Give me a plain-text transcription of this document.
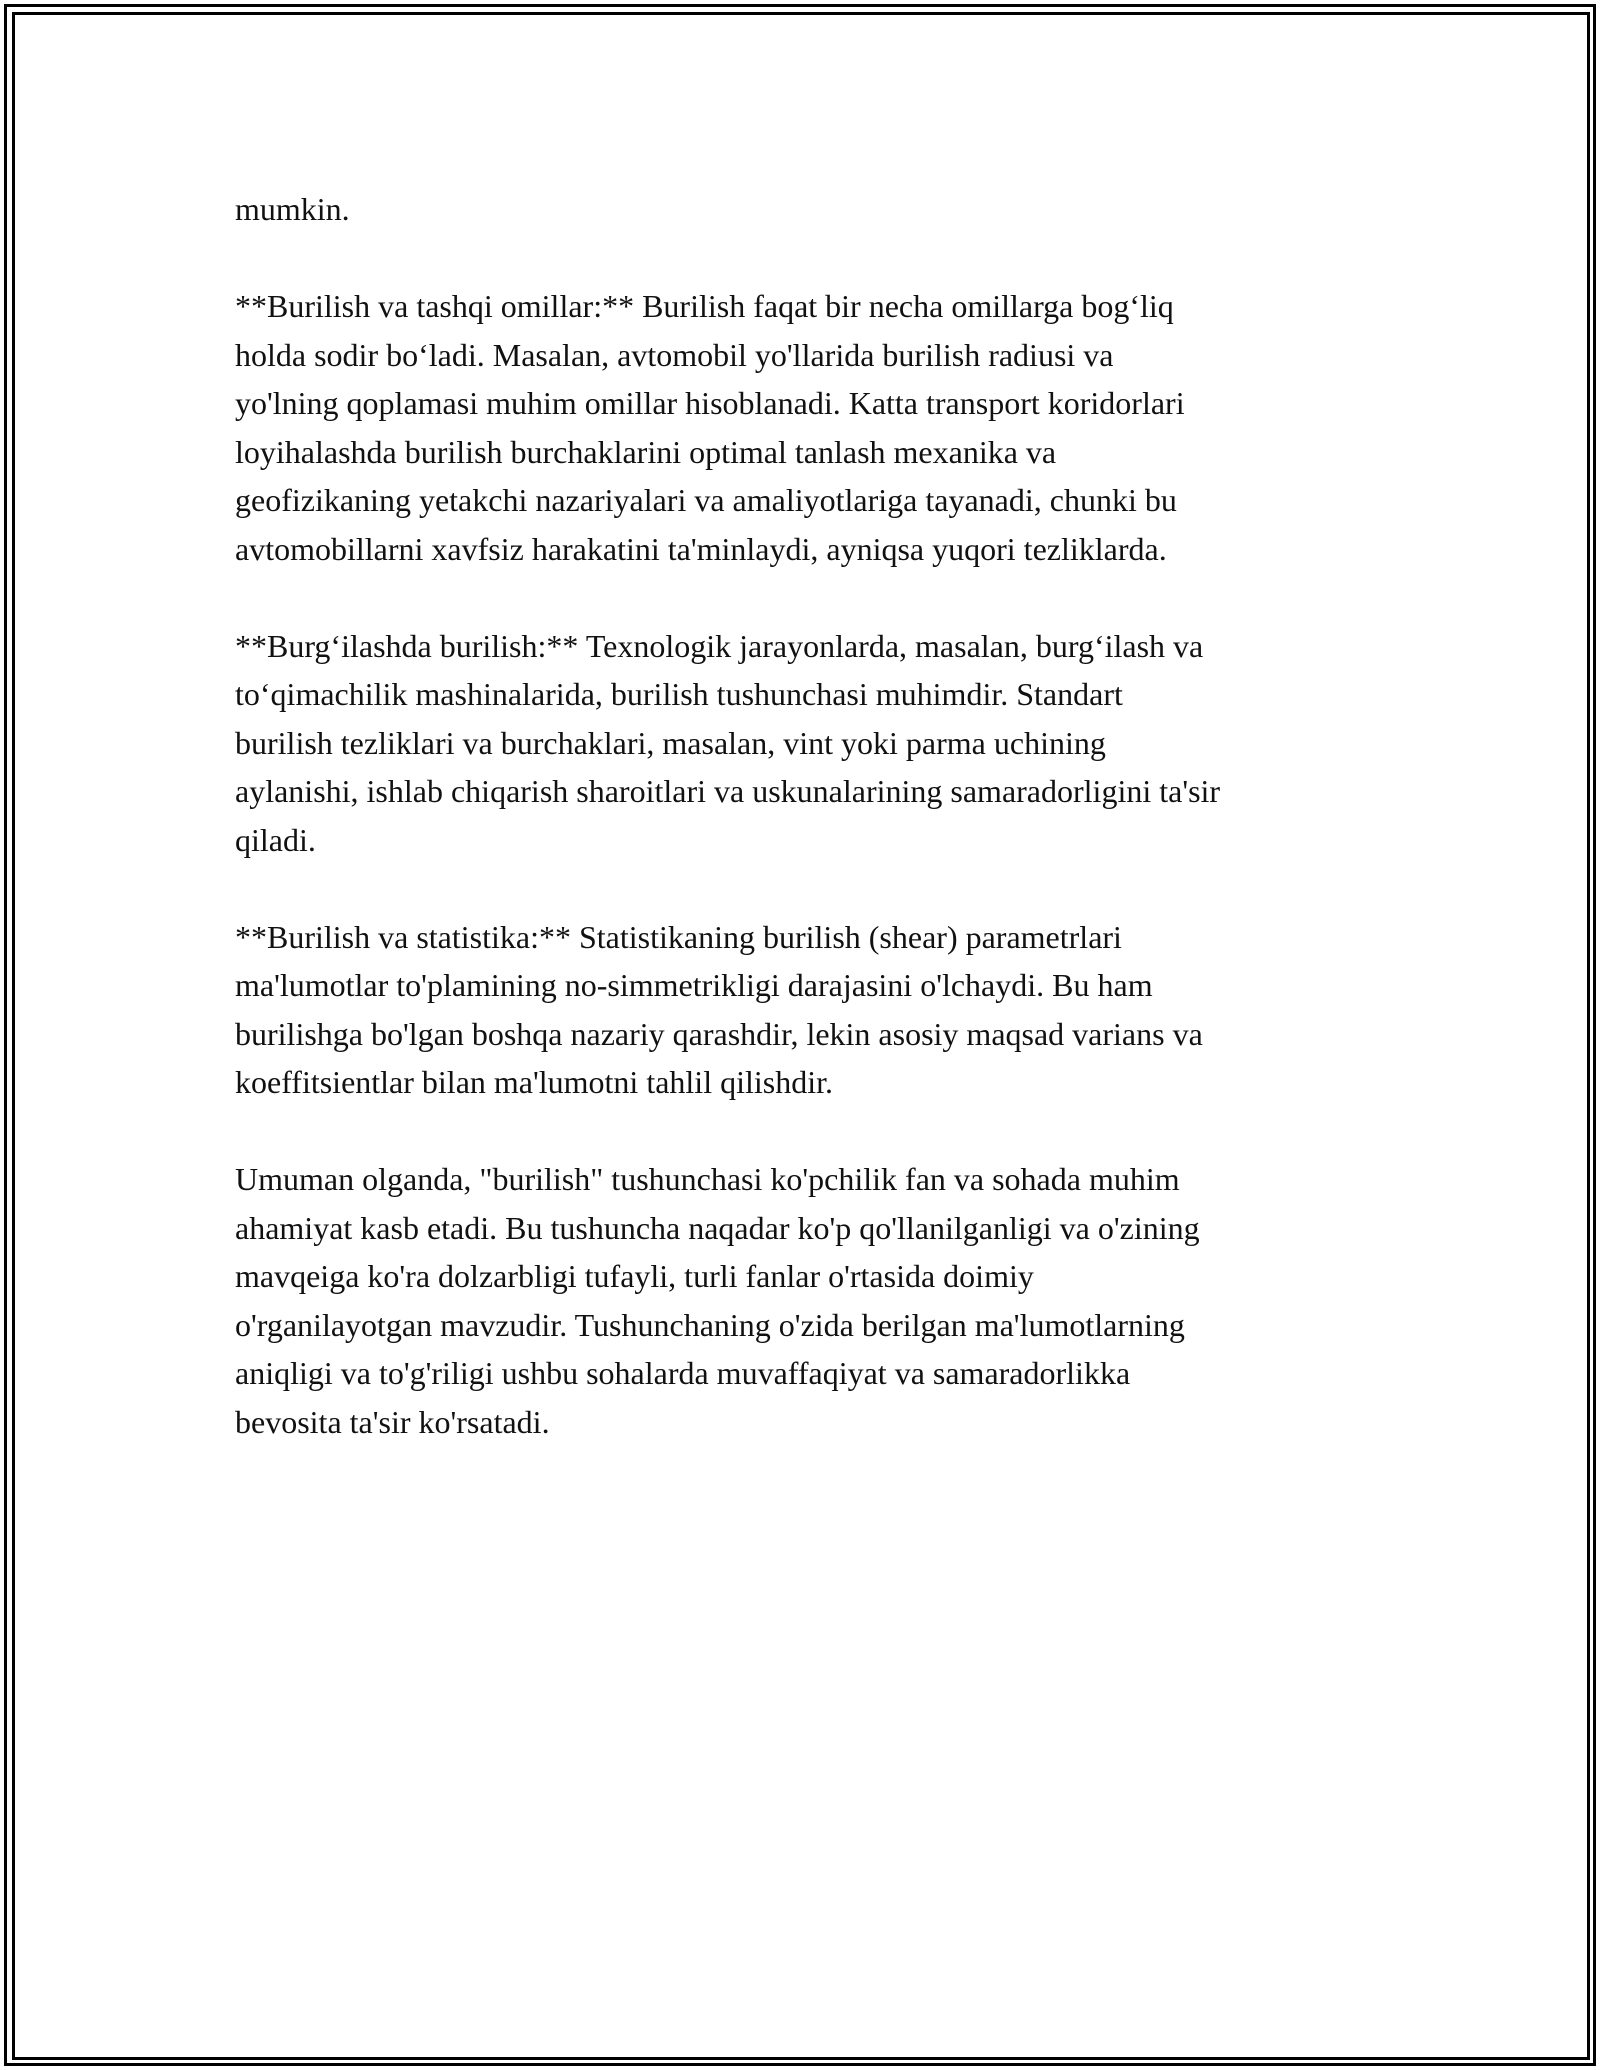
mumkin.
**Burilish va tashqi omillar:** Burilish faqat bir necha omillarga bog‘liq
holda sodir bo‘ladi. Masalan, avtomobil yo'llarida burilish radiusi va
yo'lning qoplamasi muhim omillar hisoblanadi. Katta transport koridorlari
loyihalashda burilish burchaklarini optimal tanlash mexanika va
geofizikaning yetakchi nazariyalari va amaliyotlariga tayanadi, chunki bu
avtomobillarni xavfsiz harakatini ta'minlaydi, ayniqsa yuqori tezliklarda.
**Burg‘ilashda burilish:** Texnologik jarayonlarda, masalan, burg‘ilash va
to‘qimachilik mashinalarida, burilish tushunchasi muhimdir. Standart
burilish tezliklari va burchaklari, masalan, vint yoki parma uchining
aylanishi, ishlab chiqarish sharoitlari va uskunalarining samaradorligini ta'sir
qiladi.
**Burilish va statistika:** Statistikaning burilish (shear) parametrlari
ma'lumotlar to'plamining no-simmetrikligi darajasini o'lchaydi. Bu ham
burilishga bo'lgan boshqa nazariy qarashdir, lekin asosiy maqsad varians va
koeffitsientlar bilan ma'lumotni tahlil qilishdir.
Umuman olganda, "burilish" tushunchasi ko'pchilik fan va sohada muhim
ahamiyat kasb etadi. Bu tushuncha naqadar ko'p qo'llanilganligi va o'zining
mavqeiga ko'ra dolzarbligi tufayli, turli fanlar o'rtasida doimiy
o'rganilayotgan mavzudir. Tushunchaning o'zida berilgan ma'lumotlarning
aniqligi va to'g'riligi ushbu sohalarda muvaffaqiyat va samaradorlikka
bevosita ta'sir ko'rsatadi.
